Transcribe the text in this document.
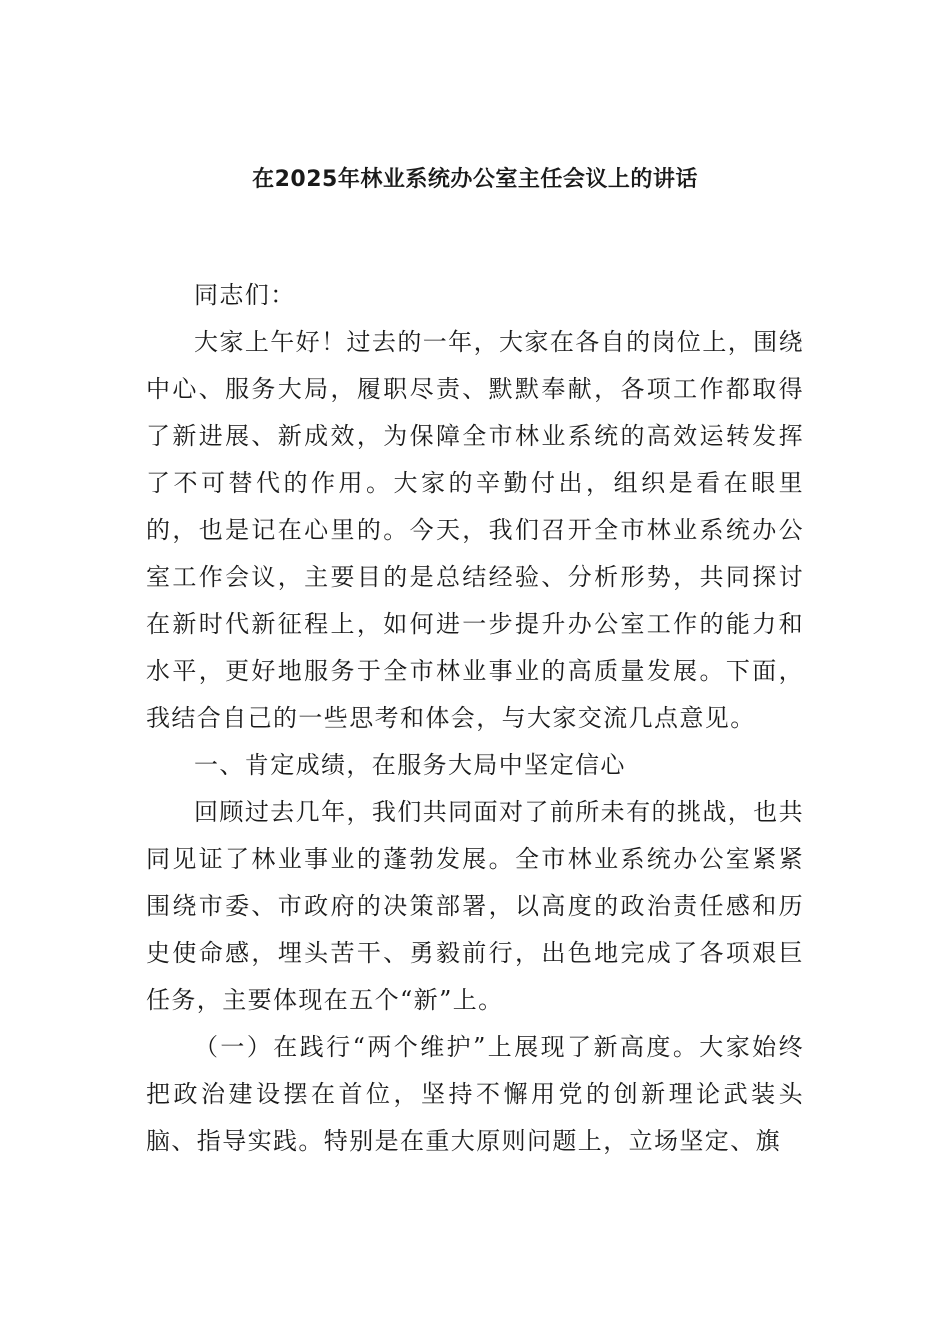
在2025年林业系统办公室主任会议上的讲话

同志们：

大家上午好！过去的一年，大家在各自的岗位上，围绕中心、服务大局，履职尽责、默默奉献，各项工作都取得了新进展、新成效，为保障全市林业系统的高效运转发挥了不可替代的作用。大家的辛勤付出，组织是看在眼里的，也是记在心里的。今天，我们召开全市林业系统办公室工作会议，主要目的是总结经验、分析形势，共同探讨在新时代新征程上，如何进一步提升办公室工作的能力和水平，更好地服务于全市林业事业的高质量发展。下面，我结合自己的一些思考和体会，与大家交流几点意见。

一、肯定成绩，在服务大局中坚定信心

回顾过去几年，我们共同面对了前所未有的挑战，也共同见证了林业事业的蓬勃发展。全市林业系统办公室紧紧围绕市委、市政府的决策部署，以高度的政治责任感和历史使命感，埋头苦干、勇毅前行，出色地完成了各项艰巨任务，主要体现在五个“新”上。

（一）在践行“两个维护”上展现了新高度。大家始终把政治建设摆在首位，坚持不懈用党的创新理论武装头脑、指导实践。特别是在重大原则问题上，立场坚定、旗
